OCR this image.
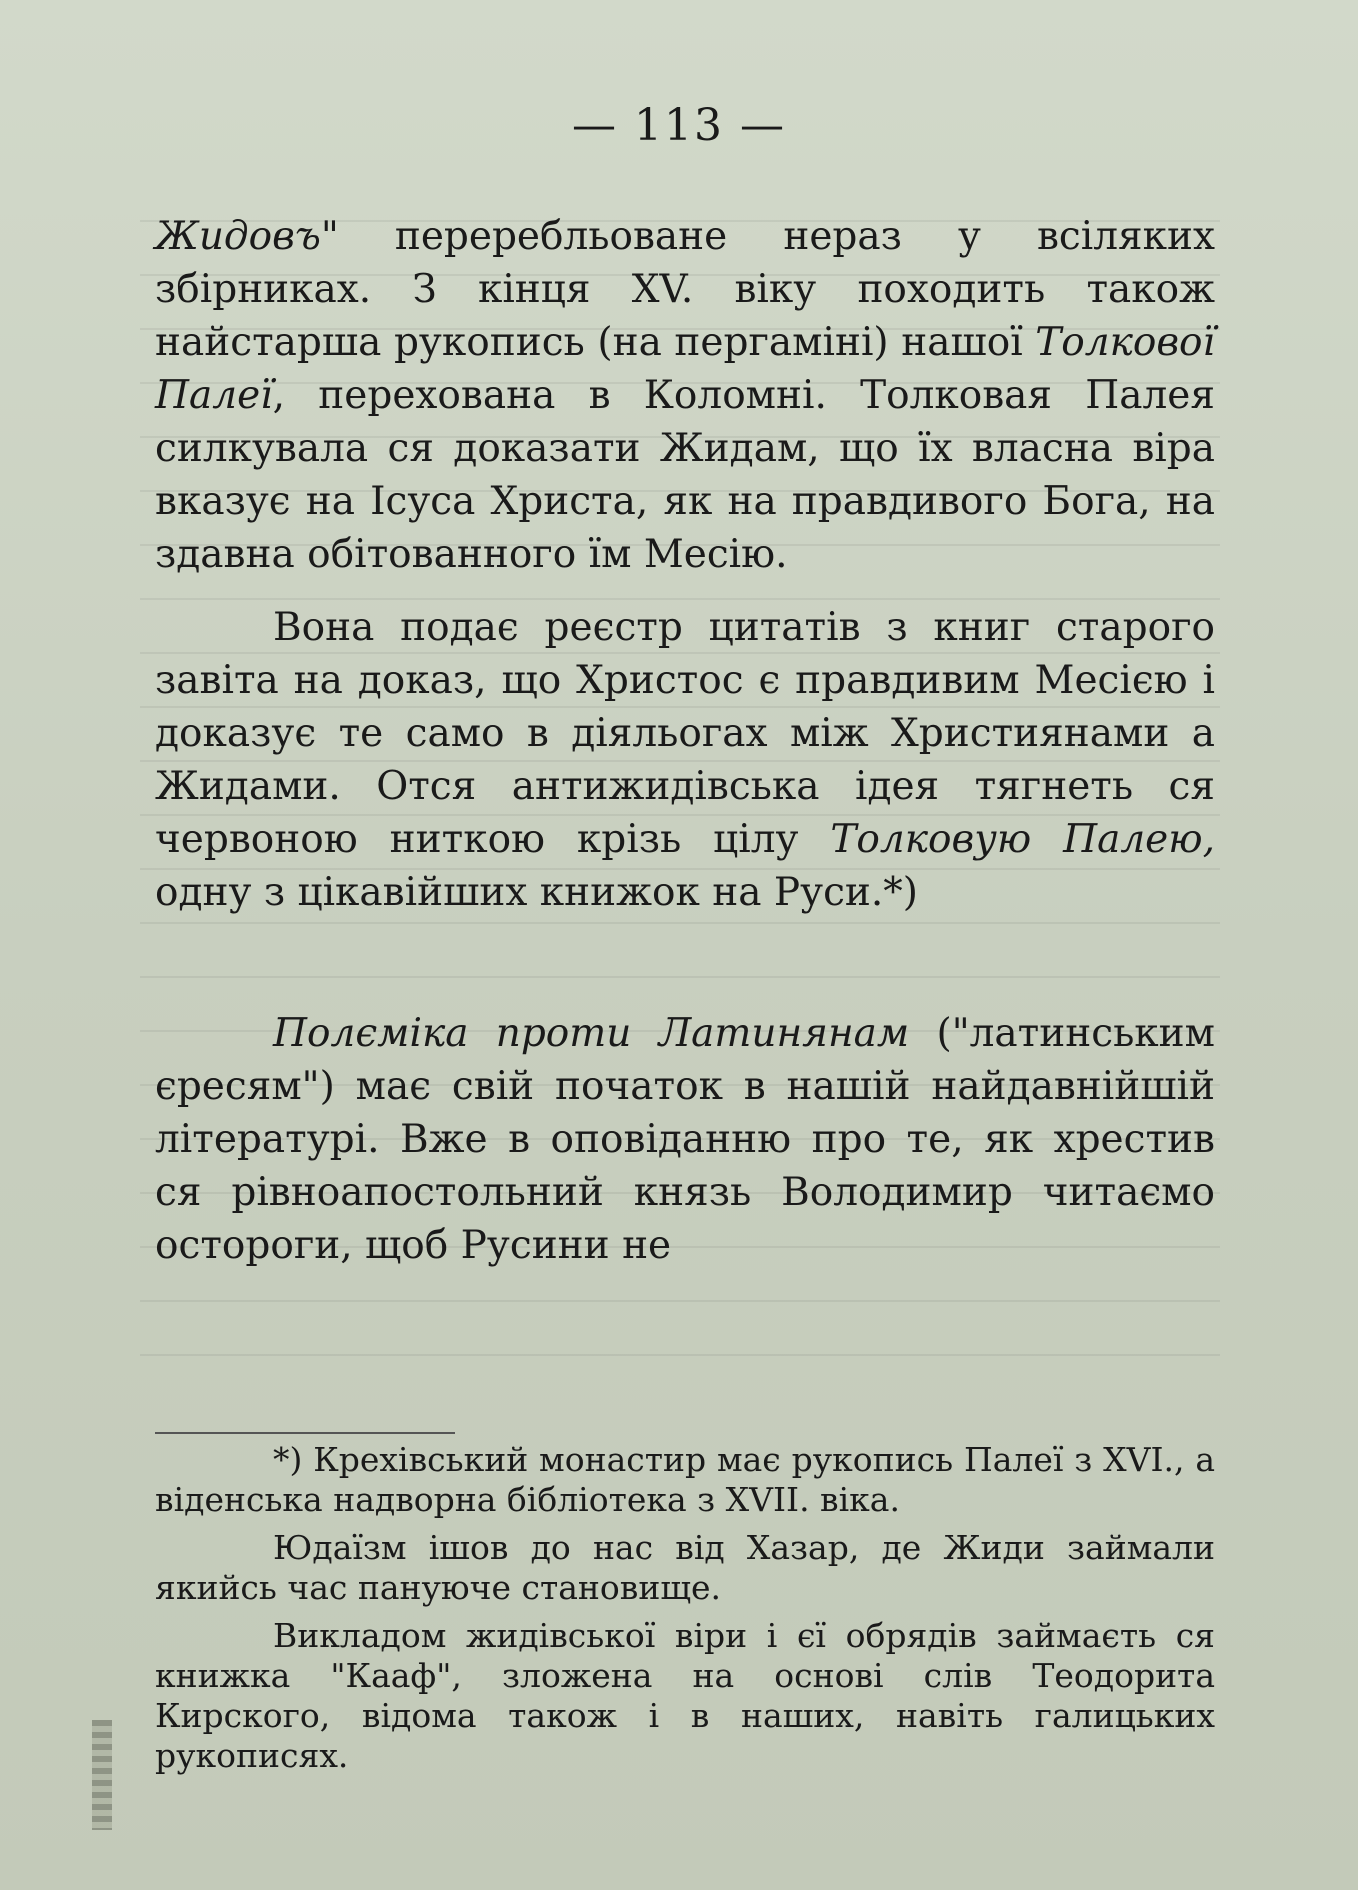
— 113 —

Жидовъ" переребльоване нераз у всіляких збірниках. З кінця XV. віку походить також найстарша рукопись (на пергаміні) нашої Толкової Палеї, перехована в Коломні. Толковая Палея силкувала ся доказати Жидам, що їх власна віра вказує на Ісуса Христа, як на правдивого Бога, на здавна обітованного їм Месію.

Вона подає реєстр цитатів з книг старого завіта на доказ, що Христос є правдивим Месією і доказує те само в діяльогах між Християнами а Жидами. Отся антижидівська ідея тягнеть ся червоною ниткою крізь цілу Толковую Палею, одну з цікавійших книжок на Руси.*)

Полєміка проти Латинянам ("латинським єресям") має свій початок в нашій найдавнійшій літературі. Вже в оповіданню про те, як хрестив ся рівноапостольний князь Володимир читаємо остороги, щоб Русини не

*) Крехівський монастир має рукопись Палеї з XVI., а віденська надворна бібліотека з XVII. віка.

Юдаїзм ішов до нас від Хазар, де Жиди займали якийсь час пануюче становище.

Викладом жидівської віри і єї обрядів займаєть ся книжка "Кааф", зложена на основі слів Теодорита Кирского, відома також і в наших, навіть галицьких рукописях.
